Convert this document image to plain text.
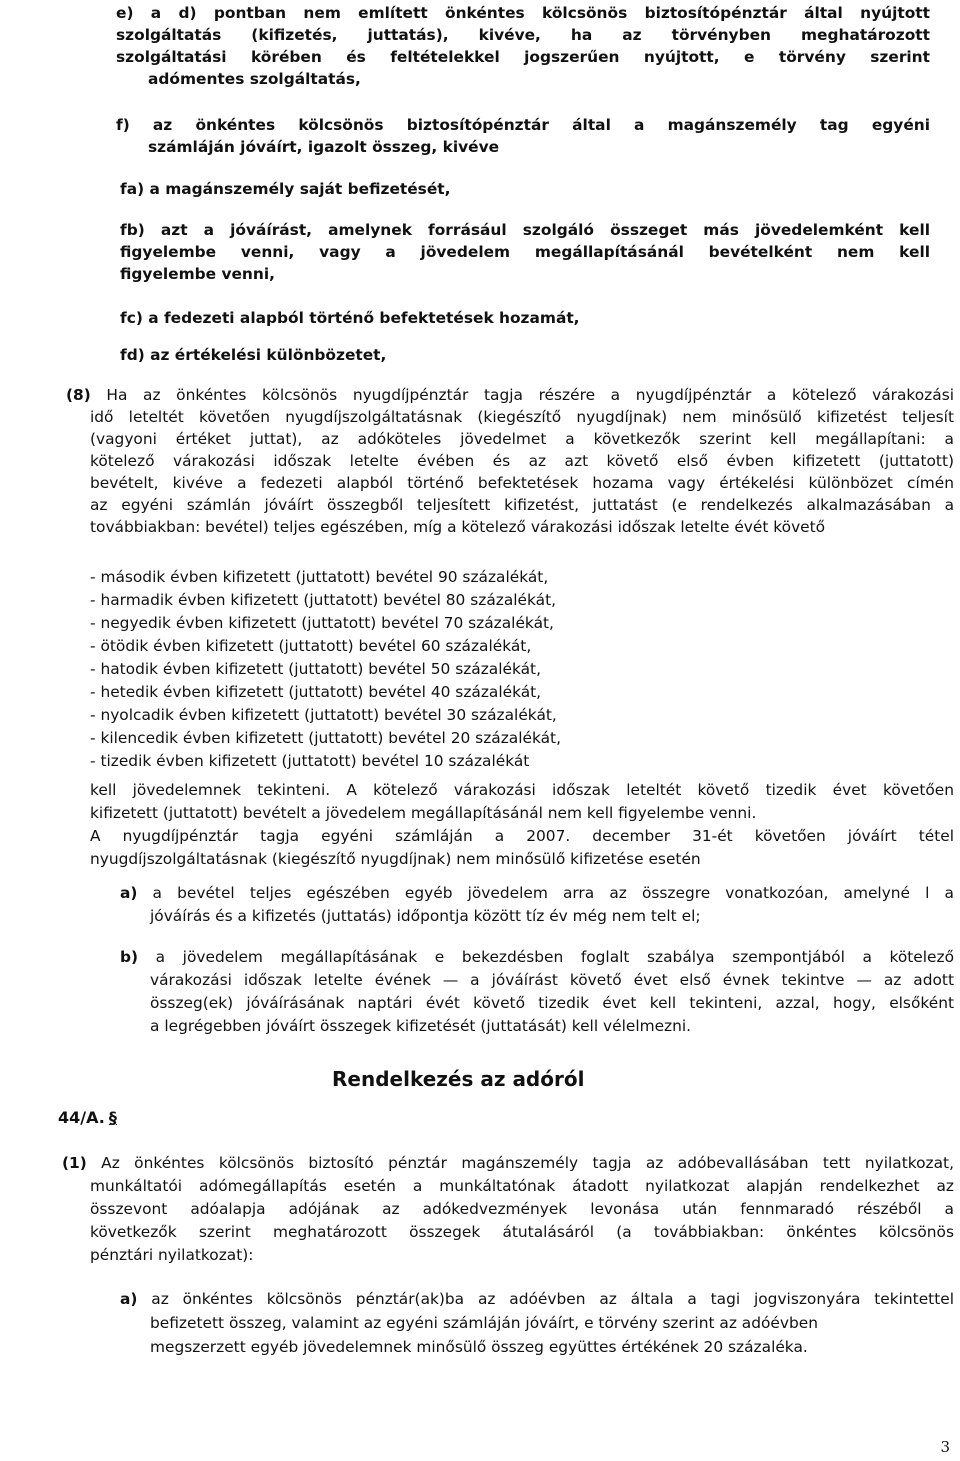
e) a d) pontban nem említett önkéntes kölcsönös biztosítópénztár által nyújtott
szolgáltatás (kifizetés, juttatás), kivéve, ha az törvényben meghatározott
szolgáltatási körében és feltételekkel jogszerűen nyújtott, e törvény szerint
adómentes szolgáltatás,
f) az önkéntes kölcsönös biztosítópénztár által a magánszemély tag egyéni
számláján jóváírt, igazolt összeg, kivéve
fa) a magánszemély saját befizetését,
fb) azt a jóváírást, amelynek forrásául szolgáló összeget más jövedelemként kell
figyelembe venni, vagy a jövedelem megállapításánál bevételként nem kell
figyelembe venni,
fc) a fedezeti alapból történő befektetések hozamát,
fd) az értékelési különbözetet,
(8) Ha az önkéntes kölcsönös nyugdíjpénztár tagja részére a nyugdíjpénztár a kötelező várakozási
idő leteltét követően nyugdíjszolgáltatásnak (kiegészítő nyugdíjnak) nem minősülő kifizetést teljesít
(vagyoni értéket juttat), az adóköteles jövedelmet a következők szerint kell megállapítani: a
kötelező várakozási időszak letelte évében és az azt követő első évben kifizetett (juttatott)
bevételt, kivéve a fedezeti alapból történő befektetések hozama vagy értékelési különbözet címén
az egyéni számlán jóváírt összegből teljesített kifizetést, juttatást (e rendelkezés alkalmazásában a
továbbiakban: bevétel) teljes egészében, míg a kötelező várakozási időszak letelte évét követő
- második évben kifizetett (juttatott) bevétel 90 százalékát,
- harmadik évben kifizetett (juttatott) bevétel 80 százalékát,
- negyedik évben kifizetett (juttatott) bevétel 70 százalékát,
- ötödik évben kifizetett (juttatott) bevétel 60 százalékát,
- hatodik évben kifizetett (juttatott) bevétel 50 százalékát,
- hetedik évben kifizetett (juttatott) bevétel 40 százalékát,
- nyolcadik évben kifizetett (juttatott) bevétel 30 százalékát,
- kilencedik évben kifizetett (juttatott) bevétel 20 százalékát,
- tizedik évben kifizetett (juttatott) bevétel 10 százalékát
kell jövedelemnek tekinteni. A kötelező várakozási időszak leteltét követő tizedik évet követően
kifizetett (juttatott) bevételt a jövedelem megállapításánál nem kell figyelembe venni.
A nyugdíjpénztár tagja egyéni számláján a 2007. december 31-ét követően jóváírt tétel
nyugdíjszolgáltatásnak (kiegészítő nyugdíjnak) nem minősülő kifizetése esetén
a) a bevétel teljes egészében egyéb jövedelem arra az összegre vonatkozóan, amelyné l a
jóváírás és a kifizetés (juttatás) időpontja között tíz év még nem telt el;
b) a jövedelem megállapításának e bekezdésben foglalt szabálya szempontjából a kötelező
várakozási időszak letelte évének — a jóváírást követő évet első évnek tekintve — az adott
összeg(ek) jóváírásának naptári évét követő tizedik évet kell tekinteni, azzal, hogy, elsőként
a legrégebben jóváírt összegek kifizetését (juttatását) kell vélelmezni.
Rendelkezés az adóról
44/A. §
(1) Az önkéntes kölcsönös biztosító pénztár magánszemély tagja az adóbevallásában tett nyilatkozat,
munkáltatói adómegállapítás esetén a munkáltatónak átadott nyilatkozat alapján rendelkezhet az
összevont adóalapja adójának az adókedvezmények levonása után fennmaradó részéből a
következők szerint meghatározott összegek átutalásáról (a továbbiakban: önkéntes kölcsönös
pénztári nyilatkozat):
a) az önkéntes kölcsönös pénztár(ak)ba az adóévben az általa a tagi jogviszonyára tekintettel
befizetett összeg, valamint az egyéni számláján jóváírt, e törvény szerint az adóévben
megszerzett egyéb jövedelemnek minősülő összeg együttes értékének 20 százaléka.
3
